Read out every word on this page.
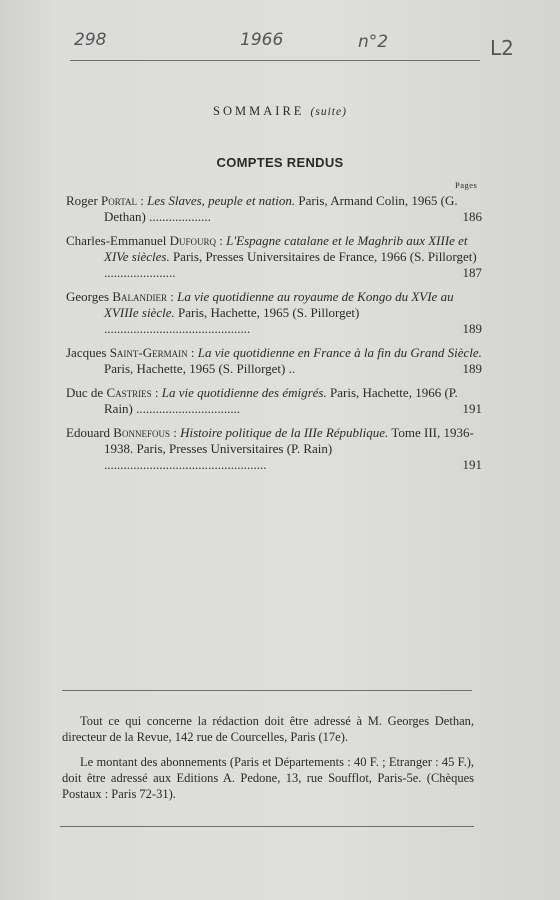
298	1966	n°2	L2
SOMMAIRE (suite)
COMPTES RENDUS
Pages
Roger Portal : Les Slaves, peuple et nation. Paris, Armand Colin, 1965 (G. Dethan) ...................	186
Charles-Emmanuel Dufourq : L'Espagne catalane et le Maghrib aux XIIIe et XIVe siècles. Paris, Presses Universitaires de France, 1966 (S. Pillorget) ......................	187
Georges Balandier : La vie quotidienne au royaume de Kongo du XVIe au XVIIIe siècle. Paris, Hachette, 1965 (S. Pillorget) .............................................	189
Jacques Saint-Germain : La vie quotidienne en France à la fin du Grand Siècle. Paris, Hachette, 1965 (S. Pillorget) ..	189
Duc de Castries : La vie quotidienne des émigrés. Paris, Hachette, 1966 (P. Rain) ................................	191
Edouard Bonnefous : Histoire politique de la IIIe République. Tome III, 1936-1938. Paris, Presses Universitaires (P. Rain) ..................................................	191

Tout ce qui concerne la rédaction doit être adressé à M. Georges Dethan, directeur de la Revue, 142 rue de Courcelles, Paris (17e).

Le montant des abonnements (Paris et Départements : 40 F. ; Etranger : 45 F.), doit être adressé aux Editions A. Pedone, 13, rue Soufflot, Paris-5e. (Chèques Postaux : Paris 72-31).
